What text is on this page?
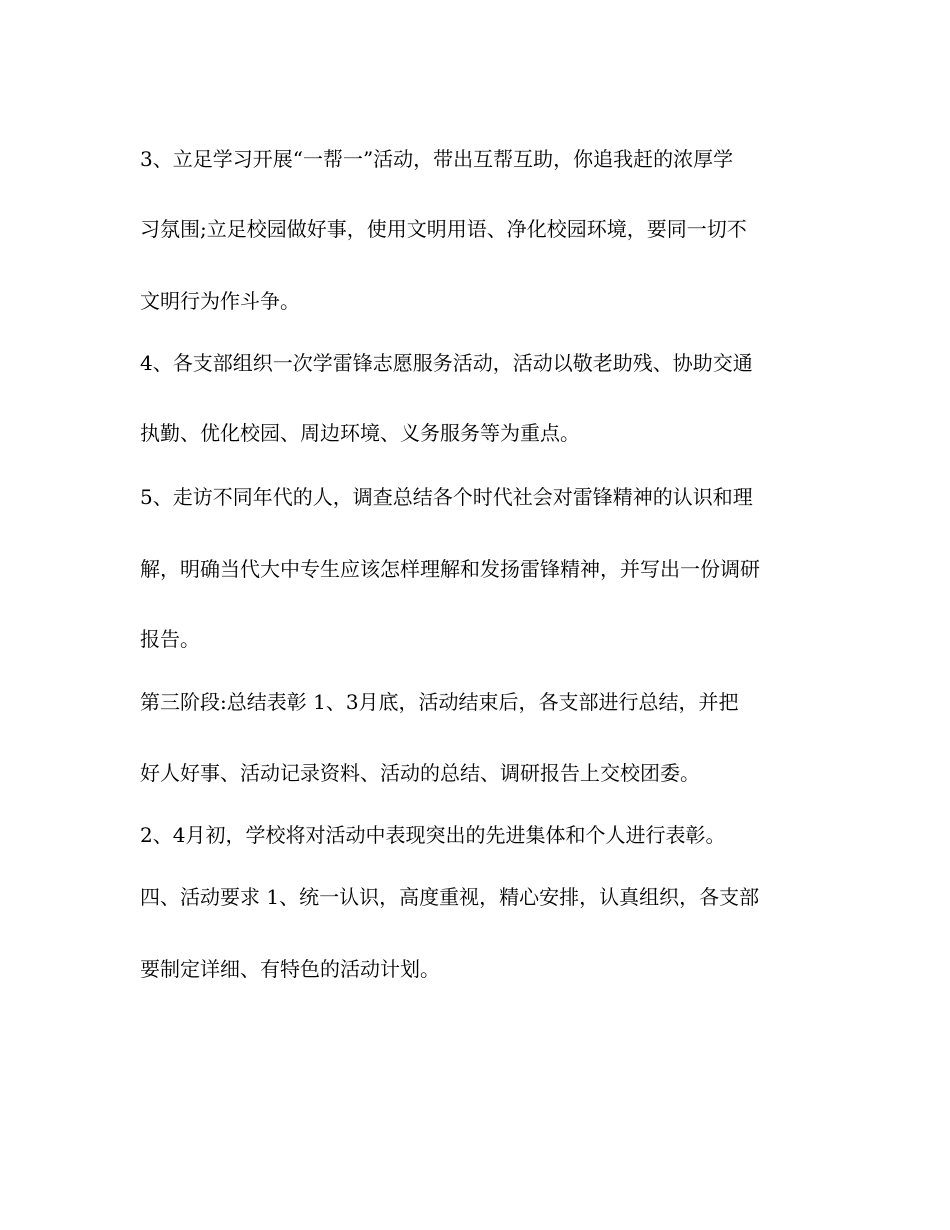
3、立足学习开展“一帮一”活动，带出互帮互助，你追我赶的浓厚学
习氛围;立足校园做好事，使用文明用语、净化校园环境，要同一切不
文明行为作斗争。
4、各支部组织一次学雷锋志愿服务活动，活动以敬老助残、协助交通
执勤、优化校园、周边环境、义务服务等为重点。
5、走访不同年代的人，调查总结各个时代社会对雷锋精神的认识和理
解，明确当代大中专生应该怎样理解和发扬雷锋精神，并写出一份调研
报告。
第三阶段:总结表彰 1、3月底，活动结束后，各支部进行总结，并把
好人好事、活动记录资料、活动的总结、调研报告上交校团委。
2、4月初，学校将对活动中表现突出的先进集体和个人进行表彰。
四、活动要求 1、统一认识，高度重视，精心安排，认真组织，各支部
要制定详细、有特色的活动计划。
